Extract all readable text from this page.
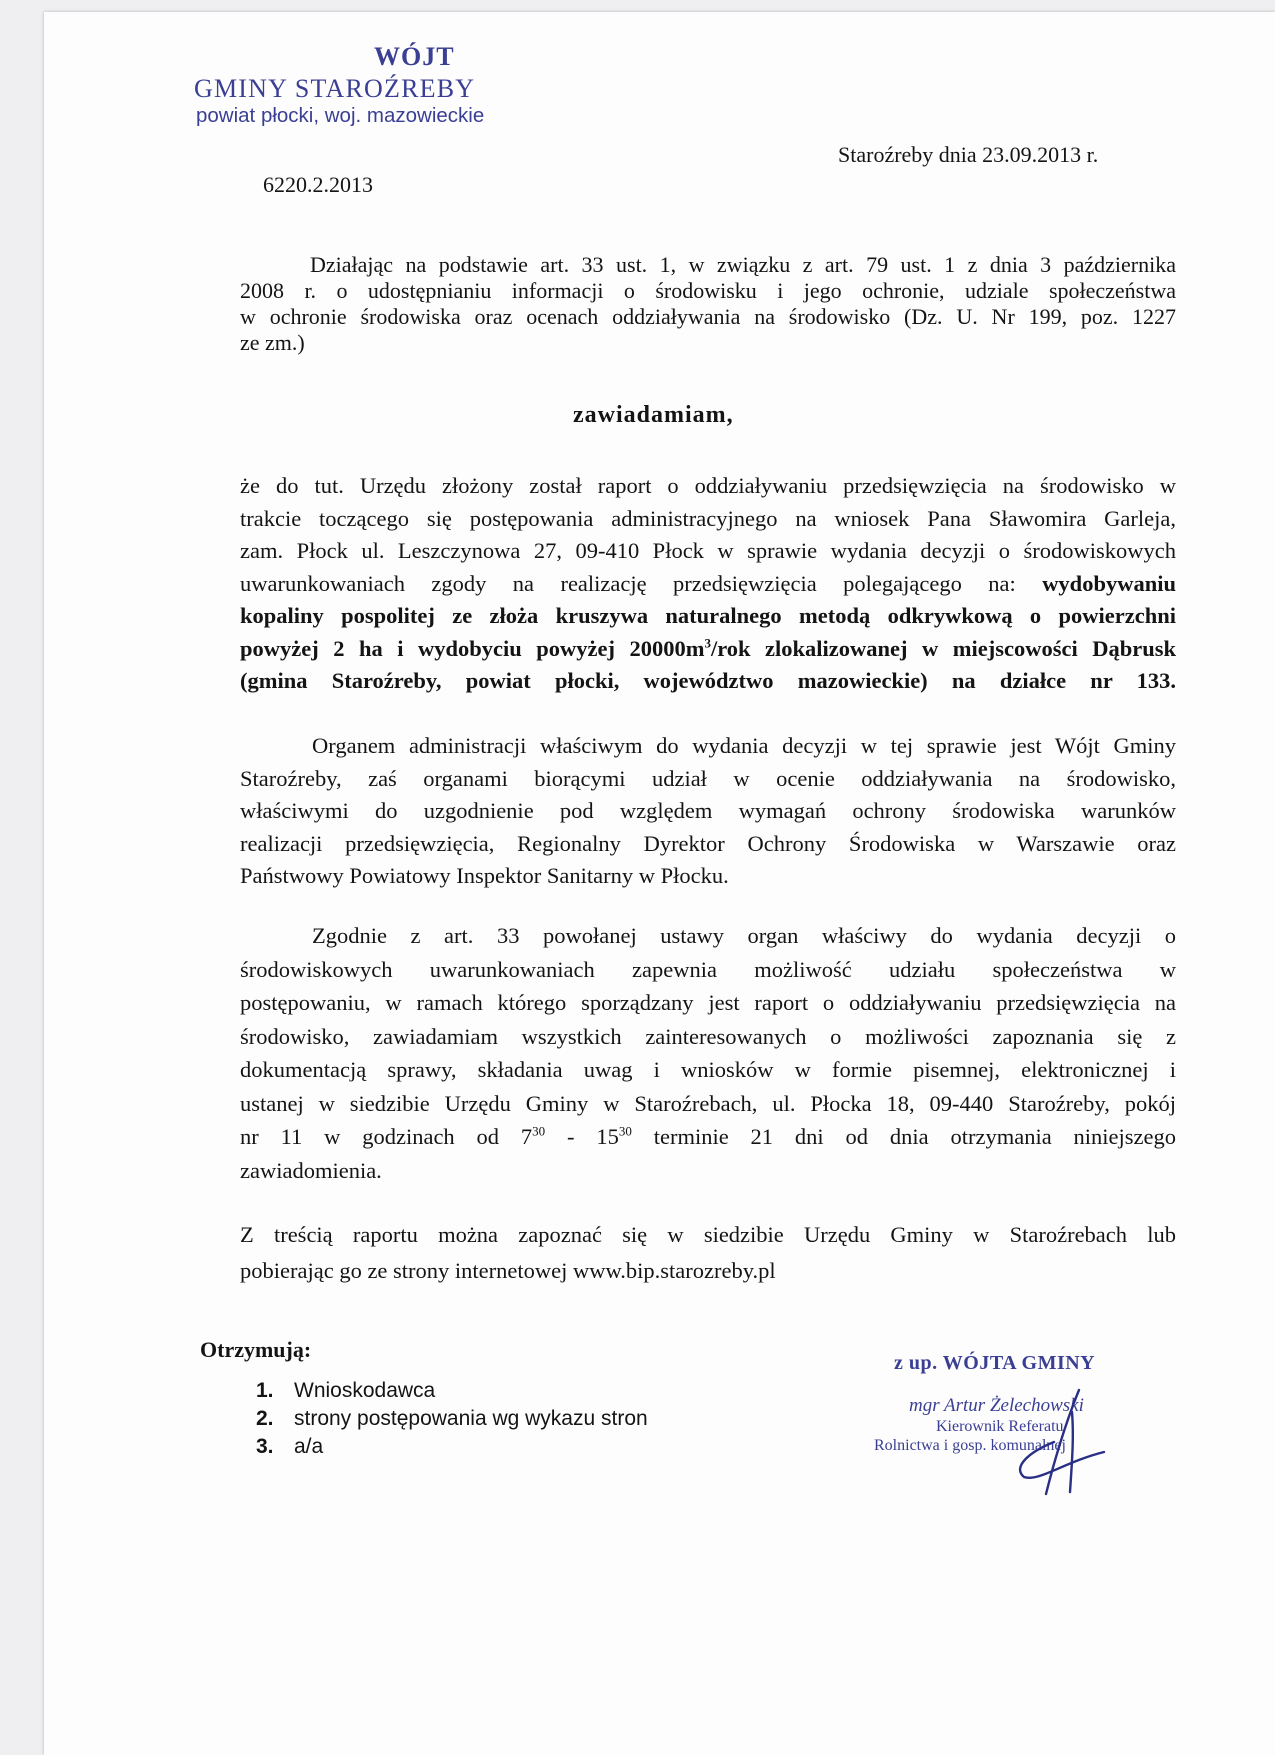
WÓJT
GMINY STAROŹREBY
powiat płocki, woj. mazowieckie
Staroźreby dnia 23.09.2013 r.
6220.2.2013
Działając na podstawie art. 33 ust. 1, w związku z art. 79 ust. 1 z dnia 3 października
2008 r. o udostępnianiu informacji o środowisku i jego ochronie, udziale społeczeństwa
w ochronie środowiska oraz ocenach oddziaływania na środowisko (Dz. U. Nr 199, poz. 1227
ze zm.)
zawiadamiam,
że do tut. Urzędu złożony został raport o oddziaływaniu przedsięwzięcia na środowisko w
trakcie toczącego się postępowania administracyjnego na wniosek Pana Sławomira Garleja,
zam. Płock ul. Leszczynowa 27, 09-410 Płock w sprawie wydania decyzji o środowiskowych
uwarunkowaniach zgody na realizację przedsięwzięcia polegającego na: wydobywaniu
kopaliny pospolitej ze złoża kruszywa naturalnego metodą odkrywkową o powierzchni
powyżej 2 ha i wydobyciu powyżej $20000m^3$/rok zlokalizowanej w miejscowości Dąbrusk
(gmina Staroźreby, powiat płocki, województwo mazowieckie) na działce nr 133.
Organem administracji właściwym do wydania decyzji w tej sprawie jest Wójt Gminy
Staroźreby, zaś organami biorącymi udział w ocenie oddziaływania na środowisko,
właściwymi do uzgodnienie pod względem wymagań ochrony środowiska warunków
realizacji przedsięwzięcia, Regionalny Dyrektor Ochrony Środowiska w Warszawie oraz
Państwowy Powiatowy Inspektor Sanitarny w Płocku.
Zgodnie z art. 33 powołanej ustawy organ właściwy do wydania decyzji o
środowiskowych uwarunkowaniach zapewnia możliwość udziału społeczeństwa w
postępowaniu, w ramach którego sporządzany jest raport o oddziaływaniu przedsięwzięcia na
środowisko, zawiadamiam wszystkich zainteresowanych o możliwości zapoznania się z
dokumentacją sprawy, składania uwag i wniosków w formie pisemnej, elektronicznej i
ustanej w siedzibie Urzędu Gminy w Staroźrebach, ul. Płocka 18, 09-440 Staroźreby, pokój
nr 11 w godzinach od $7^{30} - 15^{30}$ terminie 21 dni od dnia otrzymania niniejszego
zawiadomienia.
Z treścią raportu można zapoznać się w siedzibie Urzędu Gminy w Staroźrebach lub
pobierając go ze strony internetowej www.bip.starozreby.pl
Otrzymują:
1. Wnioskodawca
2. strony postępowania wg wykazu stron
3. a/a
z up. WÓJTA GMINY
mgr Artur Żelechowski
Kierownik Referatu
Rolnictwa i gosp. komunalnej
